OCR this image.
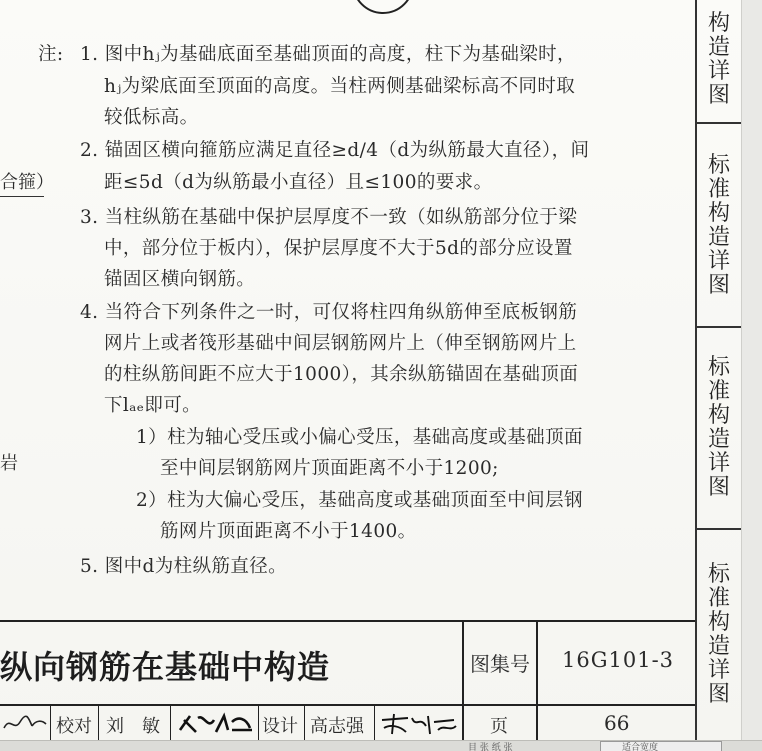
合箍）
岩
注: 1. 图中hⱼ为基础底面至基础顶面的高度，柱下为基础梁时，
hⱼ为梁底面至顶面的高度。当柱两侧基础梁标高不同时取
较低标高。
2. 锚固区横向箍筋应满足直径≥d/4（d为纵筋最大直径），间
距≤5d（d为纵筋最小直径）且≤100的要求。
3. 当柱纵筋在基础中保护层厚度不一致（如纵筋部分位于梁
中，部分位于板内），保护层厚度不大于5d的部分应设置
锚固区横向钢筋。
4. 当符合下列条件之一时，可仅将柱四角纵筋伸至底板钢筋
网片上或者筏形基础中间层钢筋网片上（伸至钢筋网片上
的柱纵筋间距不应大于1000），其余纵筋锚固在基础顶面
下lₐₑ即可。
1）柱为轴心受压或小偏心受压，基础高度或基础顶面
至中间层钢筋网片顶面距离不小于1200;
2）柱为大偏心受压，基础高度或基础顶面至中间层钢
筋网片顶面距离不小于1400。
5. 图中d为柱纵筋直径。
纵向钢筋在基础中构造	图集号 16G101-3
校对 刘　敏	设计 高志强	页	66
构
造
详
图
标
准
构
造
详
图
标
准
构
造
详
图
标
准
构
造
详
图
目 张 纸 张	适合宽度
